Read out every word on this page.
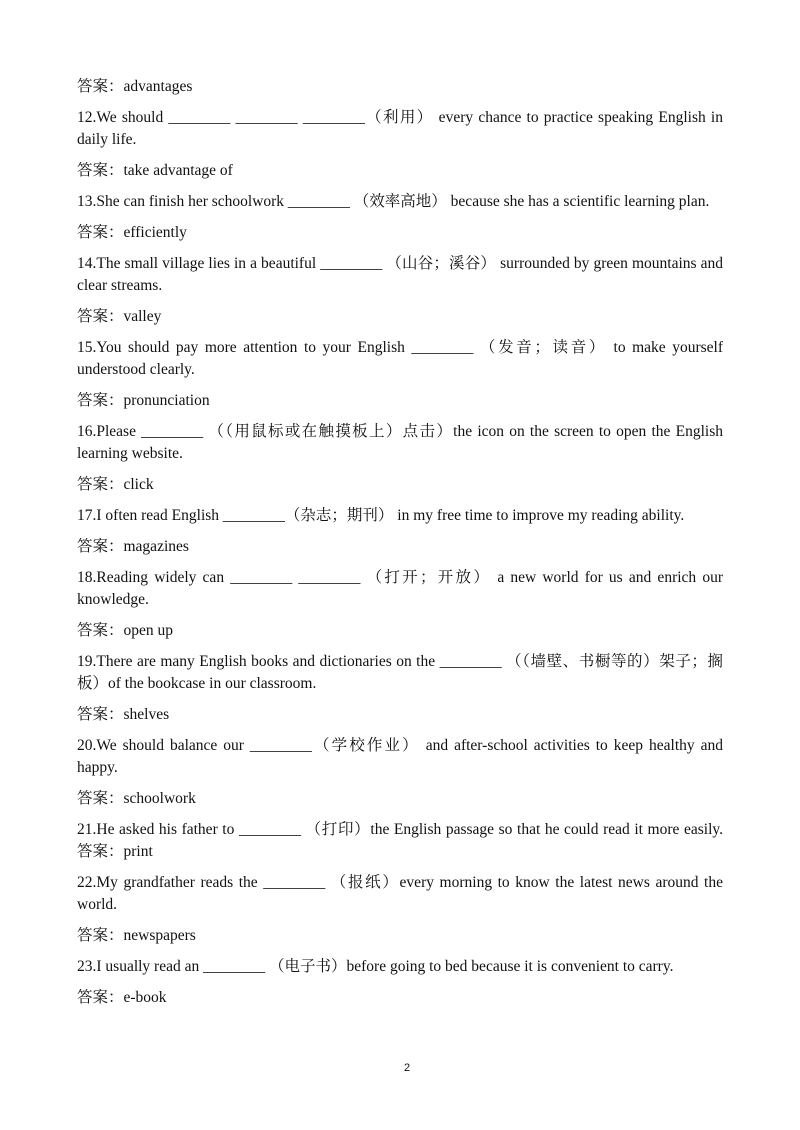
答案：advantages
12.We should ________ ________ ________（利用） every chance to practice speaking English in daily life.
答案：take advantage of
13.She can finish her schoolwork ________ （效率高地） because she has a scientific learning plan.
答案：efficiently
14.The small village lies in a beautiful ________ （山谷；溪谷） surrounded by green mountains and clear streams.
答案：valley
15.You should pay more attention to your English ________ （发音；读音） to make yourself understood clearly.
答案：pronunciation
16.Please ________ （（用鼠标或在触摸板上）点击）the icon on the screen to open the English learning website.
答案：click
17.I often read English ________（杂志；期刊） in my free time to improve my reading ability.
答案：magazines
18.Reading widely can ________ ________ （打开；开放） a new world for us and enrich our knowledge.
答案：open up
19.There are many English books and dictionaries on the ________ （（墙壁、书橱等的）架子；搁板）of the bookcase in our classroom.
答案：shelves
20.We should balance our ________（学校作业） and after-school activities to keep healthy and happy.
答案：schoolwork
21.He asked his father to ________ （打印）the English passage so that he could read it more easily. 答案：print
22.My grandfather reads the ________ （报纸）every morning to know the latest news around the world.
答案：newspapers
23.I usually read an ________ （电子书）before going to bed because it is convenient to carry.
答案：e-book
2
